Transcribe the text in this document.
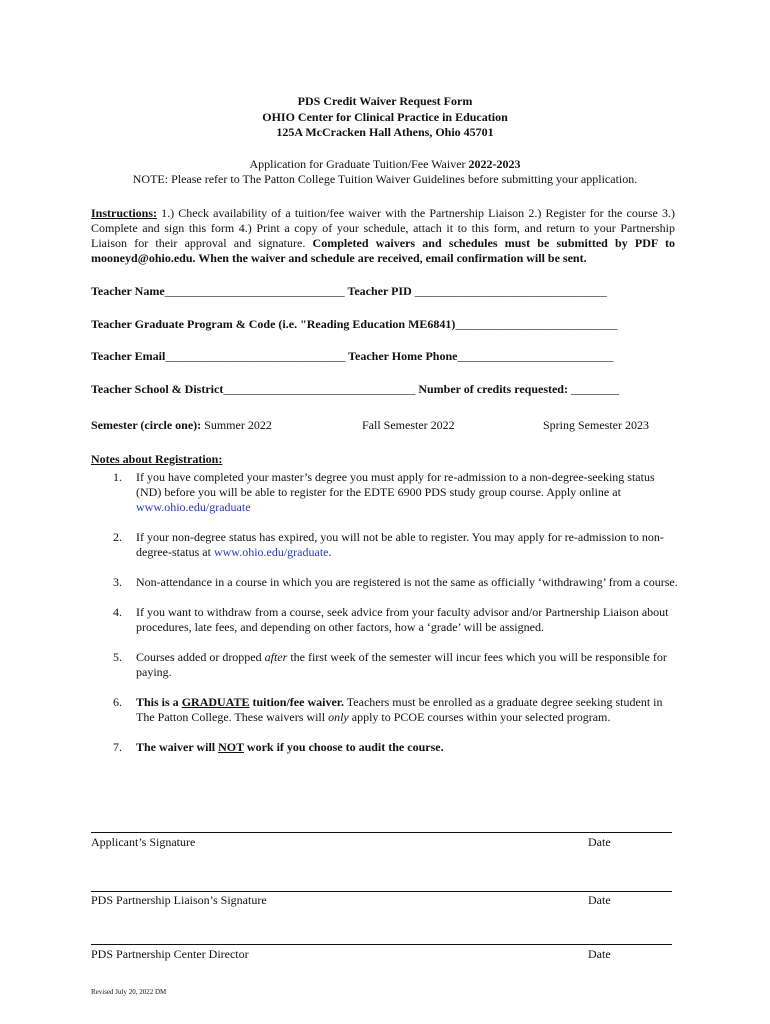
PDS Credit Waiver Request Form
OHIO Center for Clinical Practice in Education
125A McCracken Hall Athens, Ohio 45701
Application for Graduate Tuition/Fee Waiver 2022-2023
NOTE: Please refer to The Patton College Tuition Waiver Guidelines before submitting your application.
Instructions: 1.) Check availability of a tuition/fee waiver with the Partnership Liaison 2.) Register for the course 3.) Complete and sign this form 4.) Print a copy of your schedule, attach it to this form, and return to your Partnership Liaison for their approval and signature. Completed waivers and schedules must be submitted by PDF to mooneyd@ohio.edu. When the waiver and schedule are received, email confirmation will be sent.
Teacher Name______________________________ Teacher PID ________________________________
Teacher Graduate Program & Code (i.e. "Reading Education ME6841)___________________________
Teacher Email______________________________ Teacher Home Phone__________________________
Teacher School & District________________________________ Number of credits requested: ________
Semester (circle one): Summer 2022	Fall Semester 2022	Spring Semester 2023
Notes about Registration:
1. If you have completed your master’s degree you must apply for re-admission to a non-degree-seeking status (ND) before you will be able to register for the EDTE 6900 PDS study group course. Apply online at www.ohio.edu/graduate
2. If your non-degree status has expired, you will not be able to register. You may apply for re-admission to non-degree-status at www.ohio.edu/graduate.
3. Non-attendance in a course in which you are registered is not the same as officially ‘withdrawing’ from a course.
4. If you want to withdraw from a course, seek advice from your faculty advisor and/or Partnership Liaison about procedures, late fees, and depending on other factors, how a ‘grade’ will be assigned.
5. Courses added or dropped after the first week of the semester will incur fees which you will be responsible for paying.
6. This is a GRADUATE tuition/fee waiver. Teachers must be enrolled as a graduate degree seeking student in The Patton College. These waivers will only apply to PCOE courses within your selected program.
7. The waiver will NOT work if you choose to audit the course.
Applicant’s Signature	Date
PDS Partnership Liaison’s Signature	Date
PDS Partnership Center Director	Date
Revised July 20, 2022 DM
